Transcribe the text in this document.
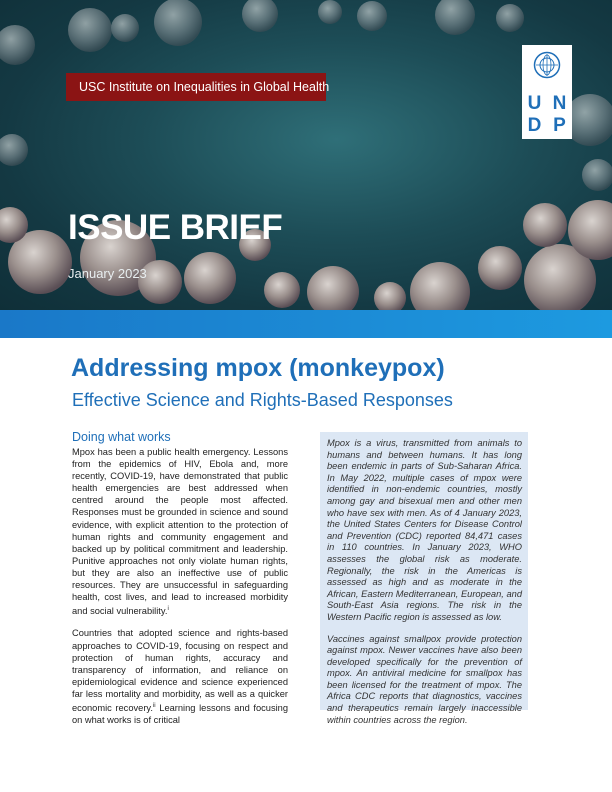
USC Institute on Inequalities in Global Health
U N
D P
ISSUE BRIEF
January 2023
Addressing mpox (monkeypox)
Effective Science and Rights-Based Responses
Doing what works

Mpox has been a public health emergency. Lessons from the epidemics of HIV, Ebola and, more recently, COVID-19, have demonstrated that public health emergencies are best addressed when centred around the people most affected. Responses must be grounded in science and sound evidence, with explicit attention to the protection of human rights and community engagement and backed up by political commitment and leadership. Punitive approaches not only violate human rights, but they are also an ineffective use of public resources. They are unsuccessful in safeguarding health, cost lives, and lead to increased morbidity and social vulnerability.$^i$

Countries that adopted science and rights-based approaches to COVID-19, focusing on respect and protection of human rights, accuracy and transparency of information, and reliance on epidemiological evidence and science experienced far less mortality and morbidity, as well as a quicker economic recovery.$^{ii}$ Learning lessons and focusing on what works is of critical

Mpox is a virus, transmitted from animals to humans and between humans. It has long been endemic in parts of Sub-Saharan Africa. In May 2022, multiple cases of mpox were identified in non-endemic countries, mostly among gay and bisexual men and other men who have sex with men. As of 4 January 2023, the United States Centers for Disease Control and Prevention (CDC) reported 84,471 cases in 110 countries. In January 2023, WHO assesses the global risk as moderate. Regionally, the risk in the Americas is assessed as high and as moderate in the African, Eastern Mediterranean, European, and South-East Asia regions. The risk in the Western Pacific region is assessed as low.

Vaccines against smallpox provide protection against mpox. Newer vaccines have also been developed specifically for the prevention of mpox. An antiviral medicine for smallpox has been licensed for the treatment of mpox. The Africa CDC reports that diagnostics, vaccines and therapeutics remain largely inaccessible within countries across the region.
